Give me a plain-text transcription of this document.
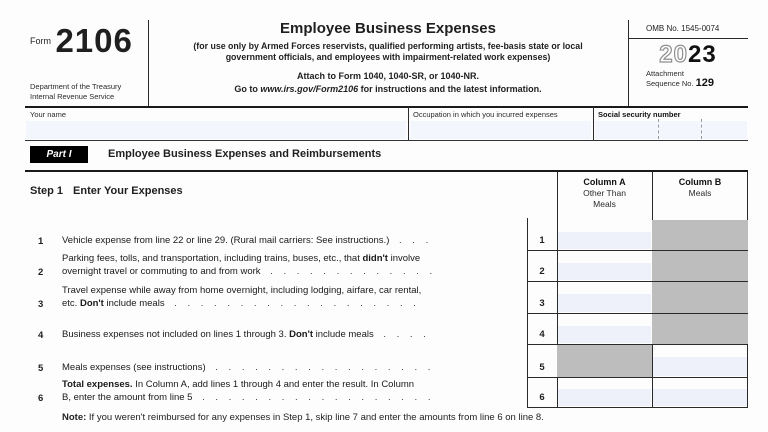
$^{Form}$ 2106
Department of the Treasury
Internal Revenue Service
Employee Business Expenses
(for use only by Armed Forces reservists, qualified performing artists, fee-basis state or local
government officials, and employees with impairment-related work expenses)
Attach to Form 1040, 1040-SR, or 1040-NR.
Go to www.irs.gov/Form2106 for instructions and the latest information.
OMB No. 1545-0074
2023
Attachment
Sequence No. 129
Your name	Occupation in which you incurred expenses	Social security number
Part I	Employee Business Expenses and Reimbursements
Step 1 Enter Your Expenses
Column A
Other Than
Meals
Column B
Meals
1 Vehicle expense from line 22 or line 29. (Rural mail carriers: See instructions.) . . .	1
2
Parking fees, tolls, and transportation, including trains, buses, etc., that didn't involve
overnight travel or commuting to and from work . . . . . . . . . . . . .	2
3
Travel expense while away from home overnight, including lodging, airfare, car rental,
etc. Don't include meals . . . . . . . . . . . . . . . . . . .	3
4 Business expenses not included on lines 1 through 3. Don't include meals . . . .	4
5 Meals expenses (see instructions) . . . . . . . . . . . . . . . . .	5
6
Total expenses. In Column A, add lines 1 through 4 and enter the result. In Column
B, enter the amount from line 5 . . . . . . . . . . . . . . . . . .	6
Note: If you weren't reimbursed for any expenses in Step 1, skip line 7 and enter the amounts from line 6 on line 8.
